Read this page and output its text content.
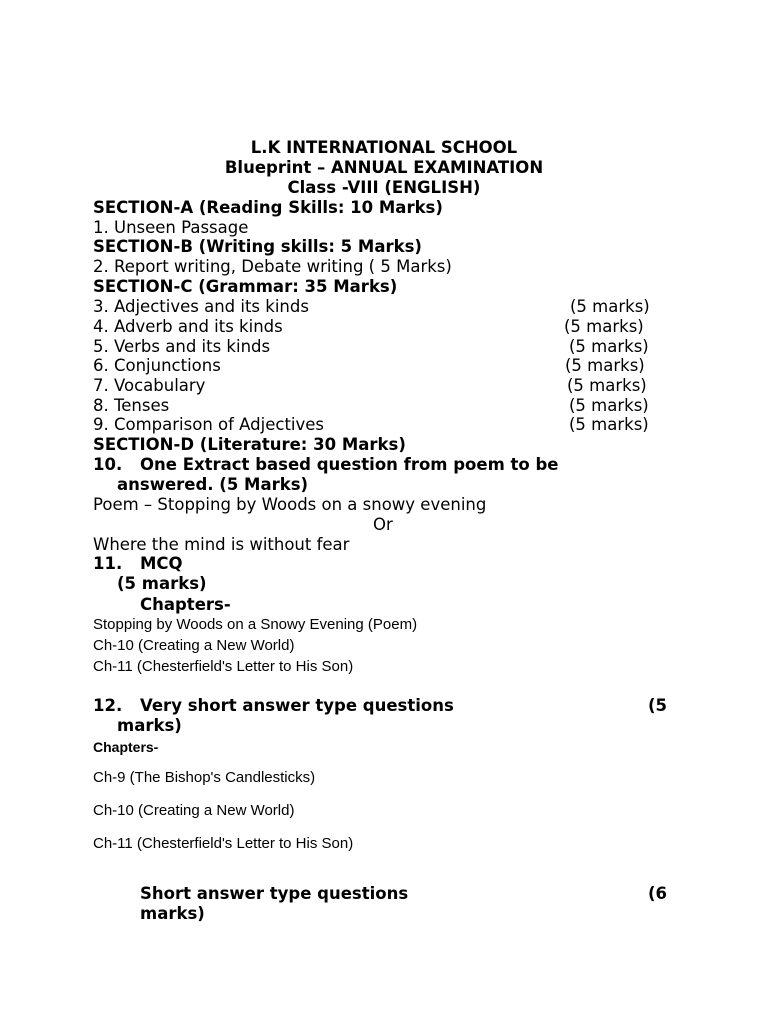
L.K INTERNATIONAL SCHOOL
Blueprint – ANNUAL EXAMINATION
Class -VIII (ENGLISH)
SECTION-A (Reading Skills: 10 Marks)
1. Unseen Passage
SECTION-B (Writing skills: 5 Marks)
2. Report writing, Debate writing ( 5 Marks)
SECTION-C (Grammar: 35 Marks)
3. Adjectives and its kinds	(5 marks)
4. Adverb and its kinds	(5 marks)
5. Verbs and its kinds	(5 marks)
6. Conjunctions	(5 marks)
7. Vocabulary	(5 marks)
8. Tenses	(5 marks)
9. Comparison of Adjectives	(5 marks)
SECTION-D (Literature: 30 Marks)
10. One Extract based question from poem to be
answered. (5 Marks)
Poem – Stopping by Woods on a snowy evening
Or
Where the mind is without fear
11. MCQ
(5 marks)
Chapters-
Stopping by Woods on a Snowy Evening (Poem)
Ch-10 (Creating a New World)
Ch-11 (Chesterfield's Letter to His Son)
12. Very short answer type questions	(5
marks)
Chapters-
Ch-9 (The Bishop's Candlesticks)
Ch-10 (Creating a New World)
Ch-11 (Chesterfield's Letter to His Son)
Short answer type questions	(6
marks)
